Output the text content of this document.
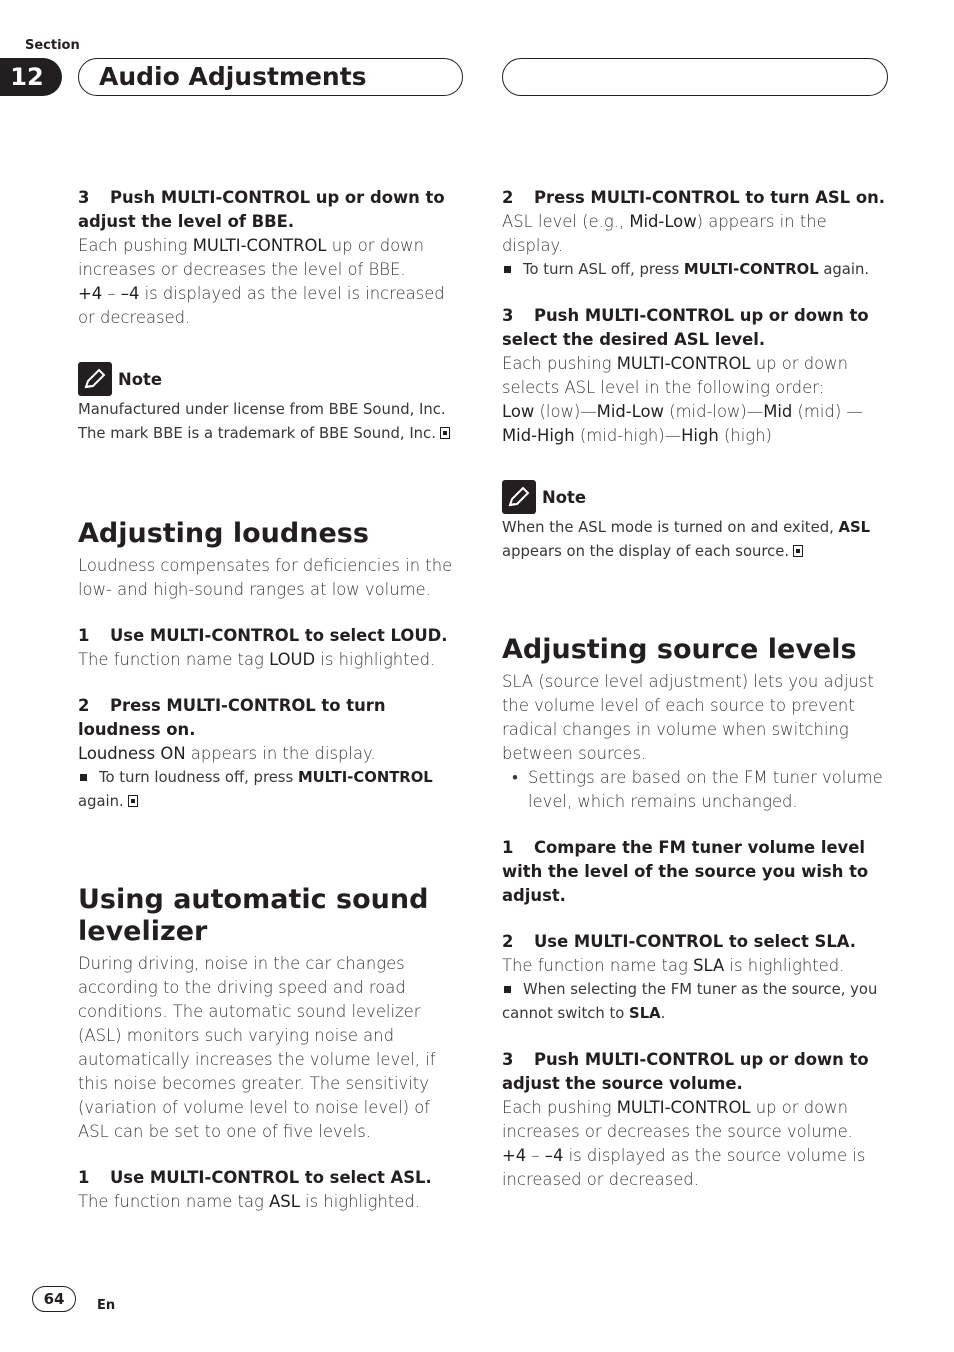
Section
12	Audio Adjustments
3 Push MULTI-CONTROL up or down to adjust the level of BBE.
Each pushing MULTI-CONTROL up or down increases or decreases the level of BBE.
+4 – –4 is displayed as the level is increased or decreased.
Note
Manufactured under license from BBE Sound, Inc. The mark BBE is a trademark of BBE Sound, Inc.
Adjusting loudness
Loudness compensates for deficiencies in the low- and high-sound ranges at low volume.
1 Use MULTI-CONTROL to select LOUD.
The function name tag LOUD is highlighted.
2 Press MULTI-CONTROL to turn loudness on.
Loudness ON appears in the display.
To turn loudness off, press MULTI-CONTROL again.
Using automatic sound levelizer
During driving, noise in the car changes according to the driving speed and road conditions. The automatic sound levelizer (ASL) monitors such varying noise and automatically increases the volume level, if this noise becomes greater. The sensitivity (variation of volume level to noise level) of ASL can be set to one of five levels.
1 Use MULTI-CONTROL to select ASL.
The function name tag ASL is highlighted.
2 Press MULTI-CONTROL to turn ASL on.
ASL level (e.g., Mid-Low) appears in the display.
To turn ASL off, press MULTI-CONTROL again.
3 Push MULTI-CONTROL up or down to select the desired ASL level.
Each pushing MULTI-CONTROL up or down selects ASL level in the following order:
Low (low)—Mid-Low (mid-low)—Mid (mid) —Mid-High (mid-high)—High (high)
Note
When the ASL mode is turned on and exited, ASL appears on the display of each source.
Adjusting source levels
SLA (source level adjustment) lets you adjust the volume level of each source to prevent radical changes in volume when switching between sources.
• Settings are based on the FM tuner volume level, which remains unchanged.
1 Compare the FM tuner volume level with the level of the source you wish to adjust.
2 Use MULTI-CONTROL to select SLA.
The function name tag SLA is highlighted.
When selecting the FM tuner as the source, you cannot switch to SLA.
3 Push MULTI-CONTROL up or down to adjust the source volume.
Each pushing MULTI-CONTROL up or down increases or decreases the source volume.
+4 – –4 is displayed as the source volume is increased or decreased.
64	En
